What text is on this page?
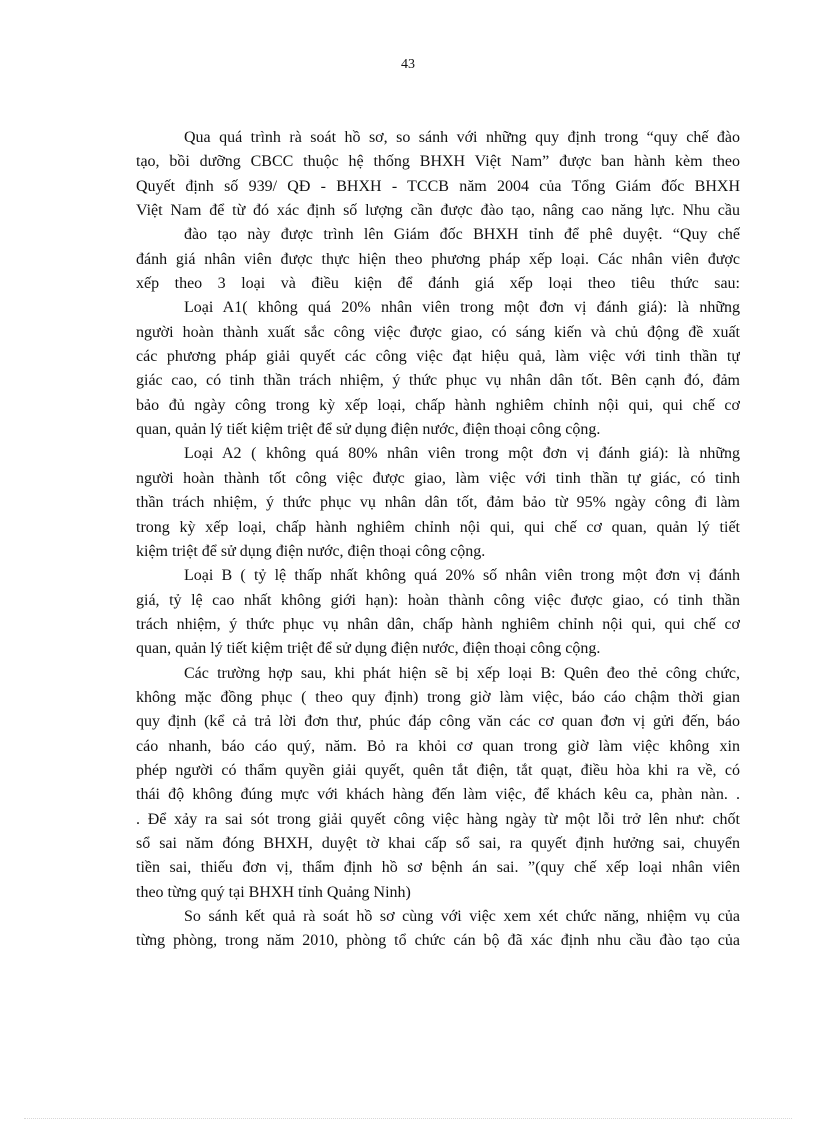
43
Qua quá trình rà soát hồ sơ, so sánh với những quy định trong “quy chế đào
tạo, bồi dưỡng CBCC thuộc hệ thống BHXH Việt Nam” được ban hành kèm theo
Quyết định số 939/ QĐ - BHXH - TCCB năm 2004 của Tổng Giám đốc BHXH
Việt Nam để từ đó xác định số lượng cần được đào tạo, nâng cao năng lực. Nhu cầu
đào tạo này được trình lên Giám đốc BHXH tỉnh để phê duyệt. “Quy chế
đánh giá nhân viên được thực hiện theo phương pháp xếp loại. Các nhân viên được
xếp theo 3 loại và điều kiện để đánh giá xếp loại theo tiêu thức sau:
Loại A1( không quá 20% nhân viên trong một đơn vị đánh giá): là những
người hoàn thành xuất sắc công việc được giao, có sáng kiến và chủ động đề xuất
các phương pháp giải quyết các công việc đạt hiệu quả, làm việc với tinh thần tự
giác cao, có tinh thần trách nhiệm, ý thức phục vụ nhân dân tốt. Bên cạnh đó, đảm
bảo đủ ngày công trong kỳ xếp loại, chấp hành nghiêm chỉnh nội qui, qui chế cơ
quan, quản lý tiết kiệm triệt để sử dụng điện nước, điện thoại công cộng.
Loại A2 ( không quá 80% nhân viên trong một đơn vị đánh giá): là những
người hoàn thành tốt công việc được giao, làm việc với tinh thần tự giác, có tinh
thần trách nhiệm, ý thức phục vụ nhân dân tốt, đảm bảo từ 95% ngày công đi làm
trong kỳ xếp loại, chấp hành nghiêm chỉnh nội qui, qui chế cơ quan, quản lý tiết
kiệm triệt để sử dụng điện nước, điện thoại công cộng.
Loại B ( tỷ lệ thấp nhất không quá 20% số nhân viên trong một đơn vị đánh
giá, tỷ lệ cao nhất không giới hạn): hoàn thành công việc được giao, có tinh thần
trách nhiệm, ý thức phục vụ nhân dân, chấp hành nghiêm chỉnh nội qui, qui chế cơ
quan, quản lý tiết kiệm triệt để sử dụng điện nước, điện thoại công cộng.
Các trường hợp sau, khi phát hiện sẽ bị xếp loại B: Quên đeo thẻ công chức,
không mặc đồng phục ( theo quy định) trong giờ làm việc, báo cáo chậm thời gian
quy định (kể cả trả lời đơn thư, phúc đáp công văn các cơ quan đơn vị gửi đến, báo
cáo nhanh, báo cáo quý, năm. Bỏ ra khỏi cơ quan trong giờ làm việc không xin
phép người có thẩm quyền giải quyết, quên tắt điện, tắt quạt, điều hòa khi ra về, có
thái độ không đúng mực với khách hàng đến làm việc, để khách kêu ca, phàn nàn. .
. Để xảy ra sai sót trong giải quyết công việc hàng ngày từ một lỗi trở lên như: chốt
sổ sai năm đóng BHXH, duyệt tờ khai cấp sổ sai, ra quyết định hưởng sai, chuyển
tiền sai, thiếu đơn vị, thẩm định hồ sơ bệnh án sai. ”(quy chế xếp loại nhân viên
theo từng quý tại BHXH tỉnh Quảng Ninh)
So sánh kết quả rà soát hồ sơ cùng với việc xem xét chức năng, nhiệm vụ của
từng phòng, trong năm 2010, phòng tổ chức cán bộ đã xác định nhu cầu đào tạo của
